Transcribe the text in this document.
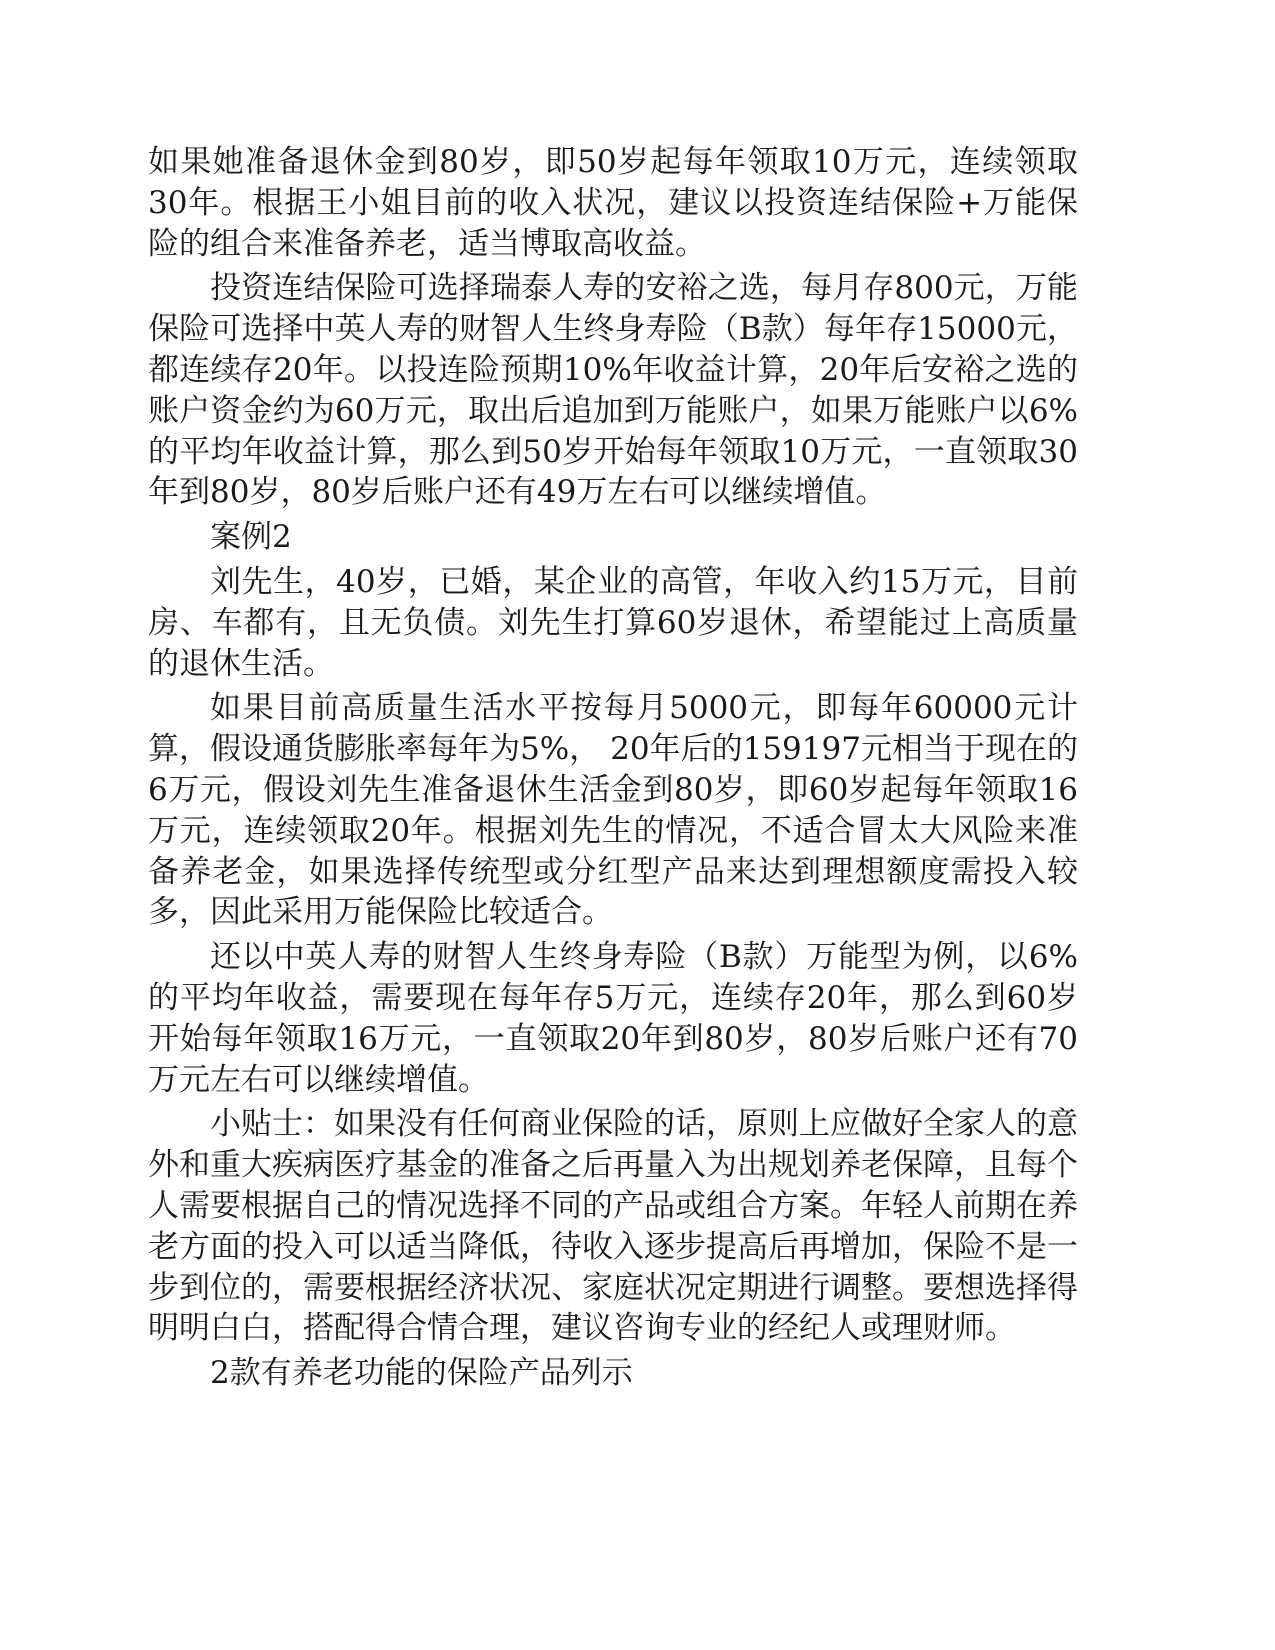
如果她准备退休金到80岁，即50岁起每年领取10万元，连续领取30年。根据王小姐目前的收入状况，建议以投资连结保险+万能保险的组合来准备养老，适当博取高收益。

投资连结保险可选择瑞泰人寿的安裕之选，每月存800元，万能保险可选择中英人寿的财智人生终身寿险（B款）每年存15000元，都连续存20年。以投连险预期10%年收益计算，20年后安裕之选的账户资金约为60万元，取出后追加到万能账户，如果万能账户以6%的平均年收益计算，那么到50岁开始每年领取10万元，一直领取30年到80岁，80岁后账户还有49万左右可以继续增值。

案例2

刘先生，40岁，已婚，某企业的高管，年收入约15万元，目前房、车都有，且无负债。刘先生打算60岁退休，希望能过上高质量的退休生活。

如果目前高质量生活水平按每月5000元，即每年60000元计算，假设通货膨胀率每年为5%， 20年后的159197元相当于现在的6万元，假设刘先生准备退休生活金到80岁，即60岁起每年领取16万元，连续领取20年。根据刘先生的情况，不适合冒太大风险来准备养老金，如果选择传统型或分红型产品来达到理想额度需投入较多，因此采用万能保险比较适合。

还以中英人寿的财智人生终身寿险（B款）万能型为例，以6%的平均年收益，需要现在每年存5万元，连续存20年，那么到60岁开始每年领取16万元，一直领取20年到80岁，80岁后账户还有70万元左右可以继续增值。

小贴士：如果没有任何商业保险的话，原则上应做好全家人的意外和重大疾病医疗基金的准备之后再量入为出规划养老保障，且每个人需要根据自己的情况选择不同的产品或组合方案。年轻人前期在养老方面的投入可以适当降低，待收入逐步提高后再增加，保险不是一步到位的，需要根据经济状况、家庭状况定期进行调整。要想选择得明明白白，搭配得合情合理，建议咨询专业的经纪人或理财师。

2款有养老功能的保险产品列示
